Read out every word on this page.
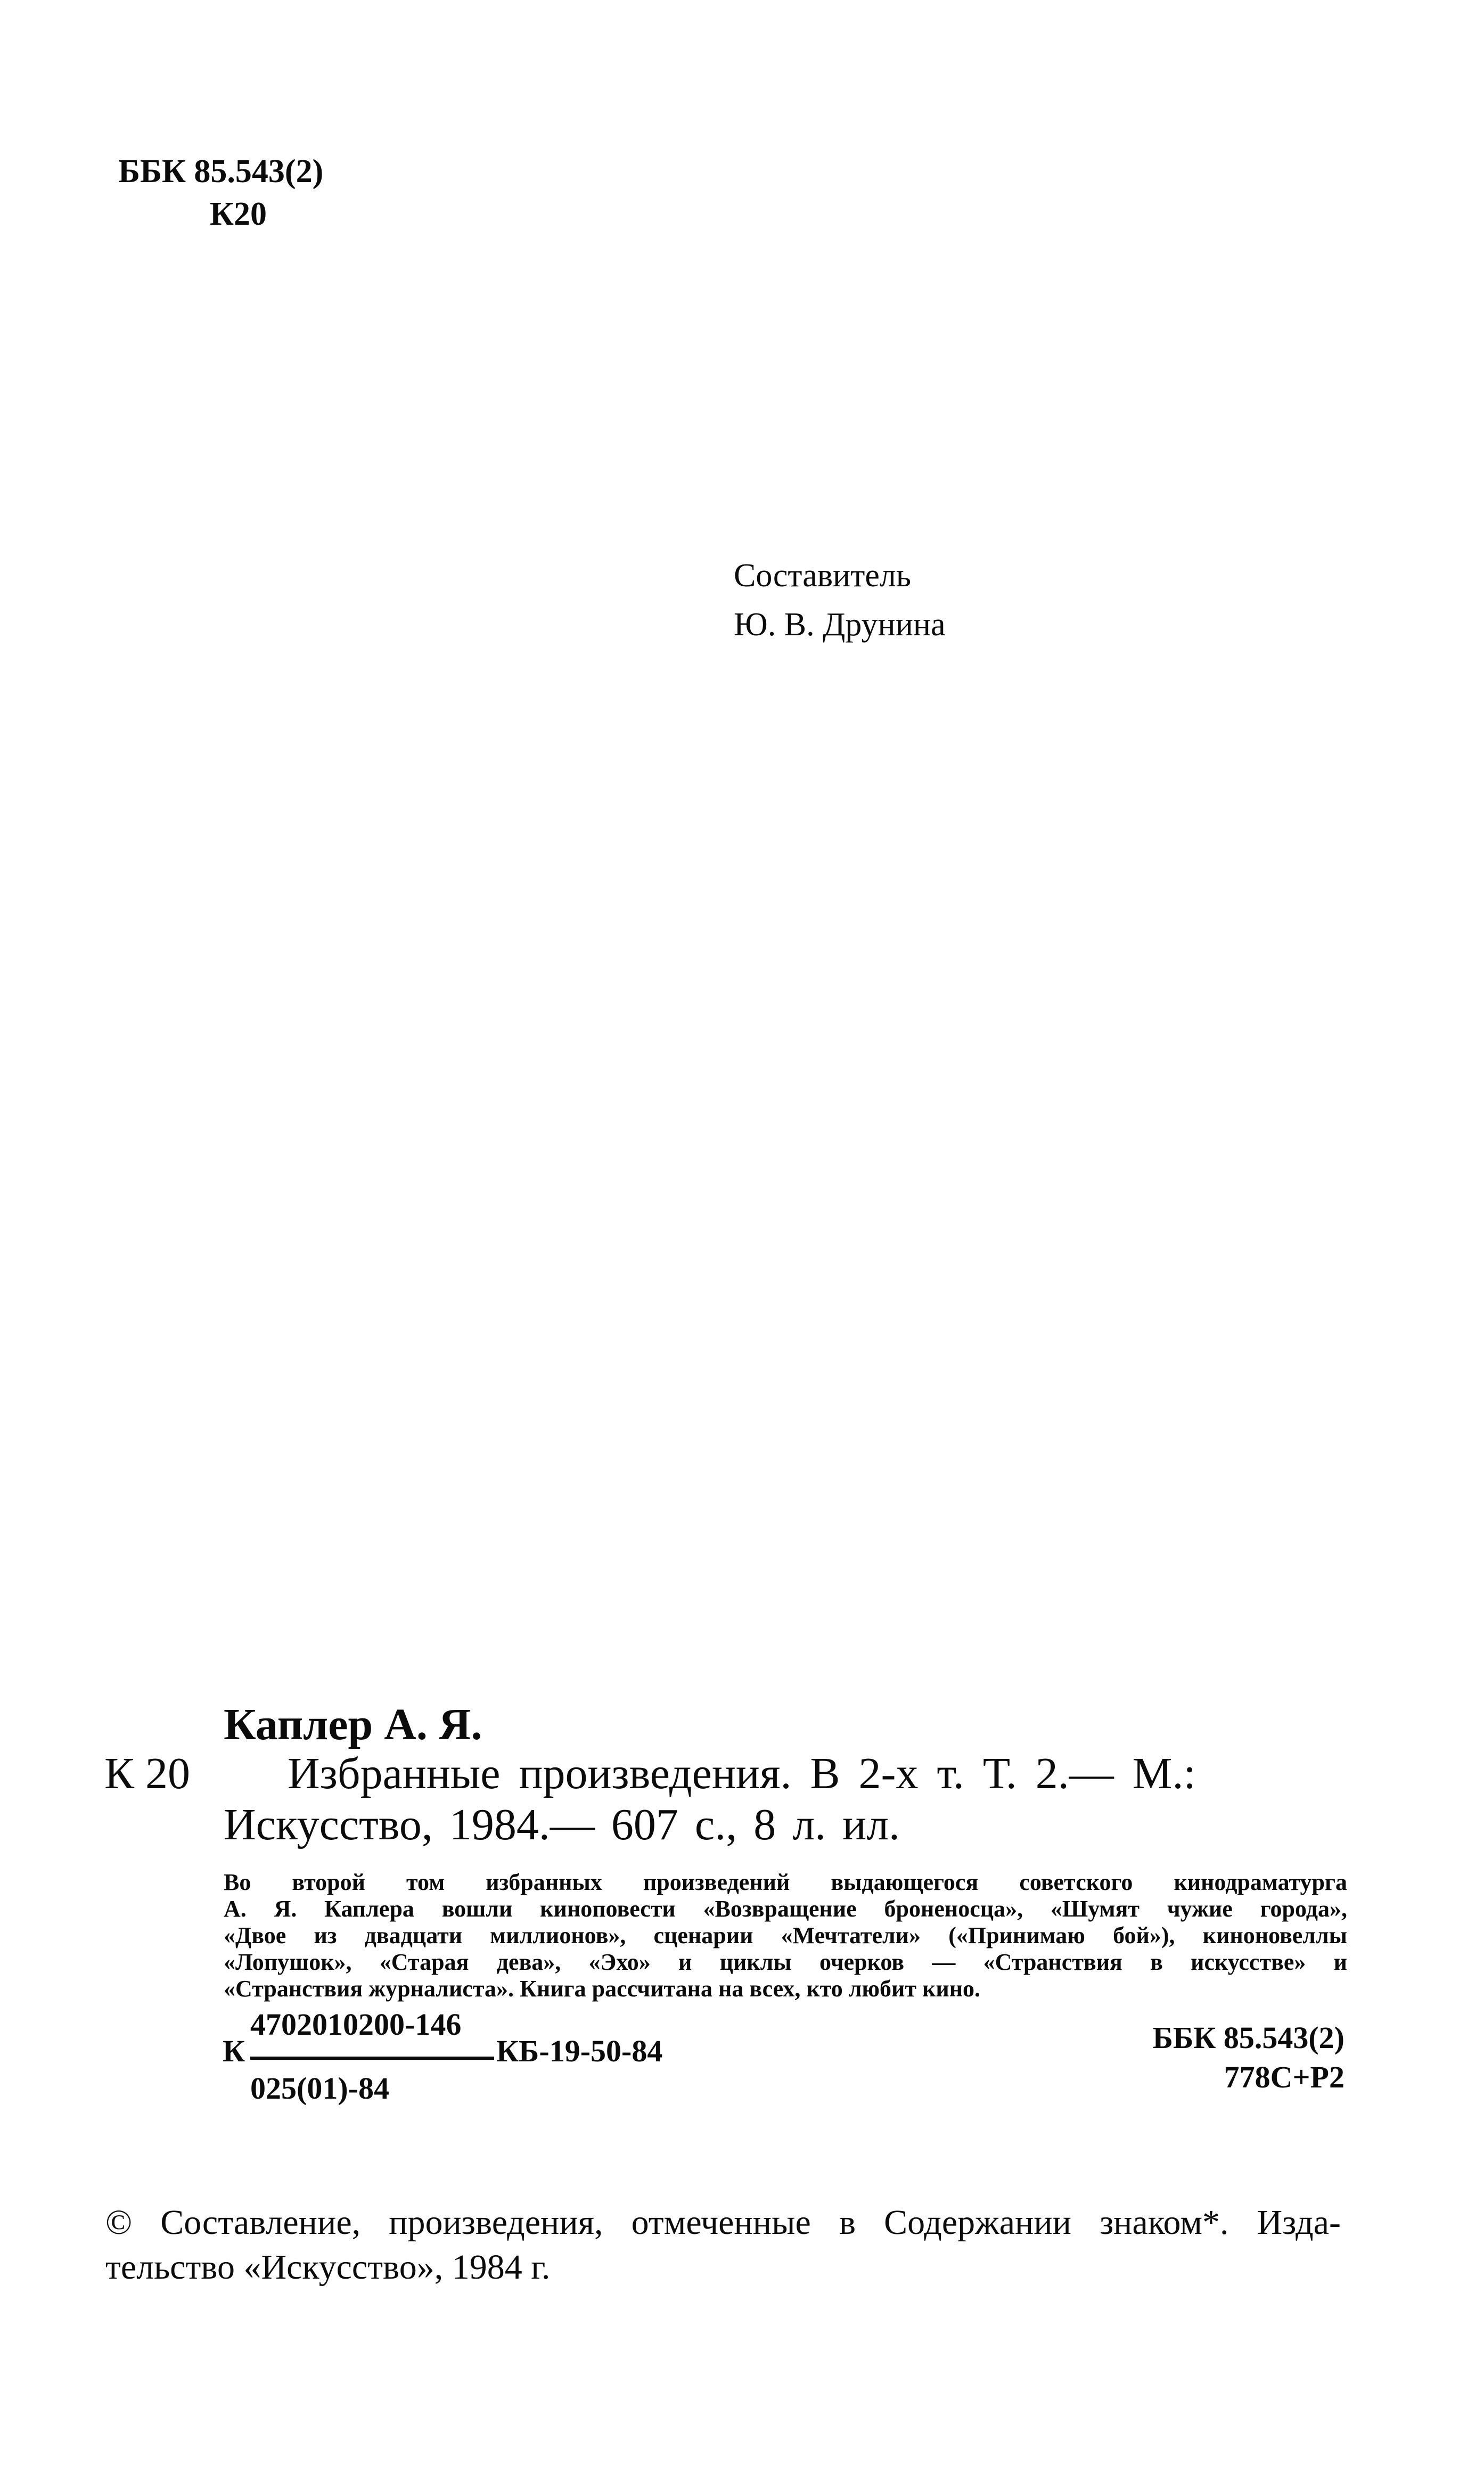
ББК 85.543(2)
К20
Составитель
Ю. В. Друнина
Каплер А. Я.
К 20 Избранные произведения. В 2-х т. Т. 2.— М.:
Искусство, 1984.— 607 с., 8 л. ил.
Во второй том избранных произведений выдающегося советского кинодраматурга
А. Я. Каплера вошли киноповести «Возвращение броненосца», «Шумят чужие города»,
«Двое из двадцати миллионов», сценарии «Мечтатели» («Принимаю бой»), киноновеллы
«Лопушок», «Старая дева», «Эхо» и циклы очерков — «Странствия в искусстве» и
«Странствия журналиста». Книга рассчитана на всех, кто любит кино.
К
4702010200-146
КБ-19-50-84
025(01)-84
ББК 85.543(2)
778С+Р2
© Составление, произведения, отмеченные в Содержании знаком*. Изда-
тельство «Искусство», 1984 г.
